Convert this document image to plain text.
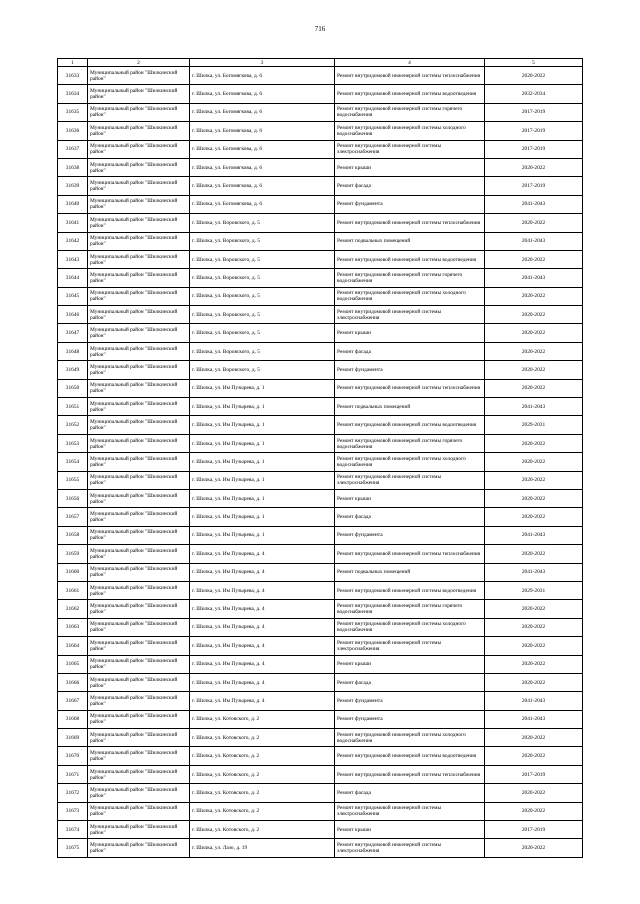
716
1	2	3	4	5
31633	Муниципальный район "Шилкинский район"	г. Шилка, ул. Богомягкова, д. 6	Ремонт внутридомовой инженерной системы теплоснабжения	2020-2022
31634	Муниципальный район "Шилкинский район"	г. Шилка, ул. Богомягкова, д. 6	Ремонт внутридомовой инженерной системы водоотведения	2032-2034
31635	Муниципальный район "Шилкинский район"	г. Шилка, ул. Богомягкова, д. 6	Ремонт внутридомовой инженерной системы горячего водоснабжения	2017-2019
31636	Муниципальный район "Шилкинский район"	г. Шилка, ул. Богомягкова, д. 6	Ремонт внутридомовой инженерной системы холодного водоснабжения	2017-2019
31637	Муниципальный район "Шилкинский район"	г. Шилка, ул. Богомягкова, д. 6	Ремонт внутридомовой инженерной системы электроснабжения	2017-2019
31638	Муниципальный район "Шилкинский район"	г. Шилка, ул. Богомягкова, д. 6	Ремонт крыши	2020-2022
31639	Муниципальный район "Шилкинский район"	г. Шилка, ул. Богомягкова, д. 6	Ремонт фасада	2017-2019
31640	Муниципальный район "Шилкинский район"	г. Шилка, ул. Богомягкова, д. 6	Ремонт фундамента	2041-2043
31641	Муниципальный район "Шилкинский район"	г. Шилка, ул. Воровского, д. 5	Ремонт внутридомовой инженерной системы теплоснабжения	2020-2022
31642	Муниципальный район "Шилкинский район"	г. Шилка, ул. Воровского, д. 5	Ремонт подвальных помещений	2041-2043
31643	Муниципальный район "Шилкинский район"	г. Шилка, ул. Воровского, д. 5	Ремонт внутридомовой инженерной системы водоотведения	2020-2022
31644	Муниципальный район "Шилкинский район"	г. Шилка, ул. Воровского, д. 5	Ремонт внутридомовой инженерной системы горячего водоснабжения	2041-2043
31645	Муниципальный район "Шилкинский район"	г. Шилка, ул. Воровского, д. 5	Ремонт внутридомовой инженерной системы холодного водоснабжения	2020-2022
31646	Муниципальный район "Шилкинский район"	г. Шилка, ул. Воровского, д. 5	Ремонт внутридомовой инженерной системы электроснабжения	2020-2022
31647	Муниципальный район "Шилкинский район"	г. Шилка, ул. Воровского, д. 5	Ремонт крыши	2020-2022
31648	Муниципальный район "Шилкинский район"	г. Шилка, ул. Воровского, д. 5	Ремонт фасада	2020-2022
31649	Муниципальный район "Шилкинский район"	г. Шилка, ул. Воровского, д. 5	Ремонт фундамента	2020-2022
31650	Муниципальный район "Шилкинский район"	г. Шилка, ул. Им Пузырева, д. 1	Ремонт внутридомовой инженерной системы теплоснабжения	2020-2022
31651	Муниципальный район "Шилкинский район"	г. Шилка, ул. Им Пузырева, д. 1	Ремонт подвальных помещений	2041-2043
31652	Муниципальный район "Шилкинский район"	г. Шилка, ул. Им Пузырева, д. 1	Ремонт внутридомовой инженерной системы водоотведения	2029-2031
31653	Муниципальный район "Шилкинский район"	г. Шилка, ул. Им Пузырева, д. 1	Ремонт внутридомовой инженерной системы горячего водоснабжения	2020-2022
31654	Муниципальный район "Шилкинский район"	г. Шилка, ул. Им Пузырева, д. 1	Ремонт внутридомовой инженерной системы холодного водоснабжения	2020-2022
31655	Муниципальный район "Шилкинский район"	г. Шилка, ул. Им Пузырева, д. 1	Ремонт внутридомовой инженерной системы электроснабжения	2020-2022
31656	Муниципальный район "Шилкинский район"	г. Шилка, ул. Им Пузырева, д. 1	Ремонт крыши	2020-2022
31657	Муниципальный район "Шилкинский район"	г. Шилка, ул. Им Пузырева, д. 1	Ремонт фасада	2020-2022
31658	Муниципальный район "Шилкинский район"	г. Шилка, ул. Им Пузырева, д. 1	Ремонт фундамента	2041-2043
31659	Муниципальный район "Шилкинский район"	г. Шилка, ул. Им Пузырева, д. 4	Ремонт внутридомовой инженерной системы теплоснабжения	2020-2022
31660	Муниципальный район "Шилкинский район"	г. Шилка, ул. Им Пузырева, д. 4	Ремонт подвальных помещений	2041-2043
31661	Муниципальный район "Шилкинский район"	г. Шилка, ул. Им Пузырева, д. 4	Ремонт внутридомовой инженерной системы водоотведения	2029-2031
31662	Муниципальный район "Шилкинский район"	г. Шилка, ул. Им Пузырева, д. 4	Ремонт внутридомовой инженерной системы горячего водоснабжения	2020-2022
31663	Муниципальный район "Шилкинский район"	г. Шилка, ул. Им Пузырева, д. 4	Ремонт внутридомовой инженерной системы холодного водоснабжения	2020-2022
31664	Муниципальный район "Шилкинский район"	г. Шилка, ул. Им Пузырева, д. 4	Ремонт внутридомовой инженерной системы электроснабжения	2020-2022
31665	Муниципальный район "Шилкинский район"	г. Шилка, ул. Им Пузырева, д. 4	Ремонт крыши	2020-2022
31666	Муниципальный район "Шилкинский район"	г. Шилка, ул. Им Пузырева, д. 4	Ремонт фасада	2020-2022
31667	Муниципальный район "Шилкинский район"	г. Шилка, ул. Им Пузырева, д. 4	Ремонт фундамента	2041-2043
31668	Муниципальный район "Шилкинский район"	г. Шилка, ул. Котовского, д. 2	Ремонт фундамента	2041-2043
31669	Муниципальный район "Шилкинский район"	г. Шилка, ул. Котовского, д. 2	Ремонт внутридомовой инженерной системы холодного водоснабжения	2020-2022
31670	Муниципальный район "Шилкинский район"	г. Шилка, ул. Котовского, д. 2	Ремонт внутридомовой инженерной системы водоотведения	2020-2022
31671	Муниципальный район "Шилкинский район"	г. Шилка, ул. Котовского, д. 2	Ремонт внутридомовой инженерной системы теплоснабжения	2017-2019
31672	Муниципальный район "Шилкинский район"	г. Шилка, ул. Котовского, д. 2	Ремонт фасада	2020-2022
31673	Муниципальный район "Шилкинский район"	г. Шилка, ул. Котовского, д. 2	Ремонт внутридомовой инженерной системы электроснабжения	2020-2022
31674	Муниципальный район "Шилкинский район"	г. Шилка, ул. Котовского, д. 2	Ремонт крыши	2017-2019
31675	Муниципальный район "Шилкинский район"	г. Шилка, ул. Лазо, д. 19	Ремонт внутридомовой инженерной системы электроснабжения	2020-2022
